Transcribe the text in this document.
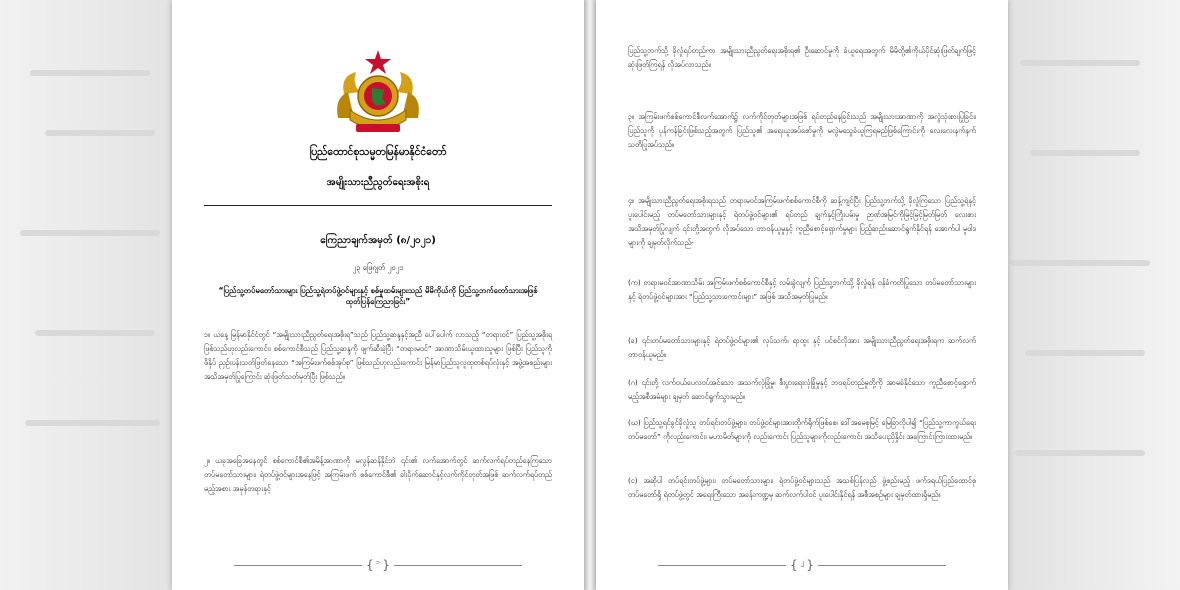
ပြည်ထောင်စုသမ္မတမြန်မာနိုင်ငံတော်
အမျိုးသားညီညွတ်ရေးအစိုးရ
ကြေညာချက်အမှတ် (၈/၂၀၂၁)
၂၃ ဖြေဂျတ် ၂၀၂၁
“ပြည်သူ့တပ်မတော်သားများ ပြည်သူ့ရဲတပ်ဖွဲ့ဝင်များနှင့် စစ်မှုထမ်းများသည် မိမိကိုယ်ကို ပြည်သူ့ဘက်တော်သားအဖြစ် ထုတ်ပြန်ကြေညာခြင်း”
၁။ ယနေ့ မြန်မာနိုင်ငံတွင် “အမျိုးသားညီညွတ်ရေးအစိုးရ”သည် ပြည်သူ့ဆန္ဒနှင့်အညီ ပေါ်ပေါက် လာသည့် “တရားဝင်” ပြည်သူ့အစိုးရ ဖြစ်သည်ဟုလည်းကောင်း၊ စစ်ကောင်စီသည် ပြည်သူ့ဆန္ဒကို ဖျက်ဆီးခဲ့ပြီး “တရားမဝင်” အာဏာသိမ်းယူထားသူများ ဖြစ်ပြီး ပြည်သူကိုဖိနှိပ် ညှဉ်းပန်းသတ်ဖြတ်နေသော “အကြမ်းဖက်စစ်အုပ်စု” ဖြစ်သည်ဟုလည်းကောင်း မြန်မာပြည်သူလူထုတစ်ရပ်လုံးနှင့် အဖွဲ့အစည်းများ အသိအမှတ်ပြုကြောင်း ဆုံးဖြတ်သတ်မှတ်ပြီး ဖြစ်သည်။
၂။ ယခုအခြေအနေတွင် စစ်ကောင်စီ၏အမိန့်အာဏာကို မလွန်ဆန်နိုင်ဘဲ ၎င်း၏ လက်အောက်တွင် ဆက်လက်ရပ်တည်နေကြသော တပ်မတော်သားများ၊ ရဲတပ်ဖွဲ့ဝင်များအနေဖြင့် အကြမ်းဖက် စစ်ကောင်စီ၏ ခါးပိုက်ဆောင်နှင့်လက်ကိုင်တုတ်အဖြစ် ဆက်လက်ရပ်တည်မည့်အစား အမှန်တရားနှင့်
{ ၁ }
ပြည်သူ့ဘက်သို့ ခိုလှုံရပ်တည်ကာ အမျိုးသားညီညွတ်ရေးအစိုးရ၏ ဦးဆောင်မှုကို ခံယူရေးအတွက် မိမိတို့၏ကိုယ်ပိုင်ဆုံးဖြတ်ချက်ဖြင့် ဆုံးဖြတ်ကြရန် လိုအပ်လာသည်။
၃။ အကြမ်းဖက်စစ်ကောင်စီလက်အောက်၌ လက်ကိုင်တုတ်များအဖြစ် ရပ်တည်နေခြင်းသည် အမျိုးသားအာဏာကို အလွဲသုံးစားပြုခြင်း၊ ပြည်သူကို ပုန်ကန်ခြင်းဖြစ်သည့်အတွက် ပြည်သူ၏ အရေးယူအပ်စော်မှုကို မလွဲမသွေခံယူကြရမည်ဖြစ်ကြောင်းကို လေးလေးနက်နက် သတိပြုအပ်သည်။
၄။ အမျိုးသားညီညွတ်ရေးအစိုးရသည် တရားမဝင်အကြမ်းဖက်စစ်ကောင်စီကို ဆန့်ကျင်ပြီး ပြည်သူ့ဘက်သို့ ခိုလှုံကြသော ပြည်သူ့ရဲနှင့်ပူးပေါင်းမည့် တပ်မတော်သားများနှင့် ရဲတပ်ဖွဲ့ဝင်များ၏ ရပ်တည် ချက်နှင့်ကြိုးပမ်းမှု ဉာဏ်အမြင်ကိုမြင့်မြင့်မြတ်မြတ် လေးစားအသိအမှတ်ပြုလျက် ၎င်းတို့အတွက် လိုအပ်သော တာဝန်ယူမှုနှင့် ကူညီစောင့်ရှောက်မှုများ ပြည့်ဆည်းဆောင်ရွက်နိုင်ရန် အောက်ပါ မူဝါဒများကို ချမှတ်လိုက်သည်-
(က) တရားမဝင်အာဏာသိမ်း အကြမ်းဖက်စစ်ကောင်စီနှင့် လမ်းခွဲလျက် ပြည်သူ့ဘက်သို့ ခိုလှုံရန် ဝန်ခံကတိပြုသော တပ်မတော်သားများနှင့် ရဲတပ်ဖွဲ့ဝင်များအား “ပြည်သူ့သားကောင်းများ” အဖြစ် အသိအမှတ်ပြုမည်။
(ခ) ၎င်းတပ်မတော်သားများနှင့် ရဲတပ်ဖွဲ့ဝင်များ၏ လုပ်သက်၊ ရာထူး နှင့် ပင်စင်လိုအား အမျိုးသားညီညွတ်ရေးအစိုးရက ဆက်လက်တာဝန်ယူမည်။
(ဂ) ၎င်းတို့ လက်ဝယ်ပေလဝပ်အင်သော အသက်လုံခြုံမှု၊ စီးပွားရေးလုံခြုံမှုနှင့် ဘဝရပ်တည်မှုတို့ကို အာမခံနိုင်သော ကူညီစောင့်ရှောက်မည့်အစီအမံများ ချမှတ် ဆောင်ရွက်သွားမည်။
(ဃ) ပြည်သူ့ရင်ခွင်ခိုလှုံသူ တပ်ရင်းတပ်ဖွဲ့များ၊ တပ်ဖွဲ့ဝင်များအားတိုက်ရိုက်ဖြစ်စေ၊ ဒေါ်အမေစုမြင့် မြေခြာလိုပါ၍ “ပြည်သူ့ကာကွယ်ရေးတပ်မတော်” ကိုလည်းကောင်း၊ မဟာမိတ်များကို လည်းကောင်း ပြည်သူများကိုလည်းကောင်း အသိပေးညှိနှိုင်း အကြောင်းကြားထားမည်။
(င) အဆိုပါ တပ်ရင်းတပ်ဖွဲ့များ၊ တပ်မတော်သားများ၊ ရဲတပ်ဖွဲ့ဝင်များသည် အသစ်ပြန်လည် ဖွဲ့စည်းမည့် ဖက်ဒရယ်ပြည်ထောင်စု တပ်မတော်ရှိ ရဲတပ်ဖွဲ့တွင် အရေးကြီးသော အခန်းကဏ္ဍမှ ဆက်လက်ပါဝင် ပူးပေါင်းနိုင်ရန် အစီအစဉ်များ ချမှတ်ထားရှိမည်။
{ ၂ }
